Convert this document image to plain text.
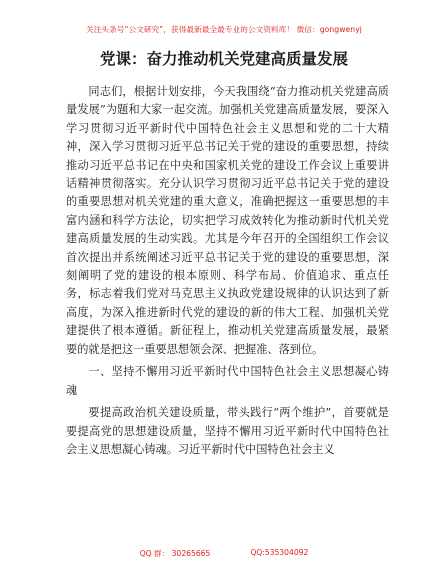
关注头条号“公文研究”，获得最新最全最专业的公文资料库！ 微信：gongwenyj
党课：奋力推动机关党建高质量发展

同志们，根据计划安排，今天我围绕“奋力推动机关党建高质量发展”为题和大家一起交流。加强机关党建高质量发展，要深入学习贯彻习近平新时代中国特色社会主义思想和党的二十大精神，深入学习贯彻习近平总书记关于党的建设的重要思想，持续推动习近平总书记在中央和国家机关党的建设工作会议上重要讲话精神贯彻落实。充分认识学习贯彻习近平总书记关于党的建设的重要思想对机关党建的重大意义，准确把握这一重要思想的丰富内涵和科学方法论，切实把学习成效转化为推动新时代机关党建高质量发展的生动实践。尤其是今年召开的全国组织工作会议首次提出并系统阐述习近平总书记关于党的建设的重要思想，深刻阐明了党的建设的根本原则、科学布局、价值追求、重点任务，标志着我们党对马克思主义执政党建设规律的认识达到了新高度，为深入推进新时代党的建设的新的伟大工程、加强机关党建提供了根本遵循。新征程上，推动机关党建高质量发展，最紧要的就是把这一重要思想领会深、把握准、落到位。

一、坚持不懈用习近平新时代中国特色社会主义思想凝心铸魂

要提高政治机关建设质量，带头践行“两个维护”，首要就是要提高党的思想建设质量，坚持不懈用习近平新时代中国特色社会主义思想凝心铸魂。习近平新时代中国特色社会主义

QQ 群： 30265665	QQ:535304092
